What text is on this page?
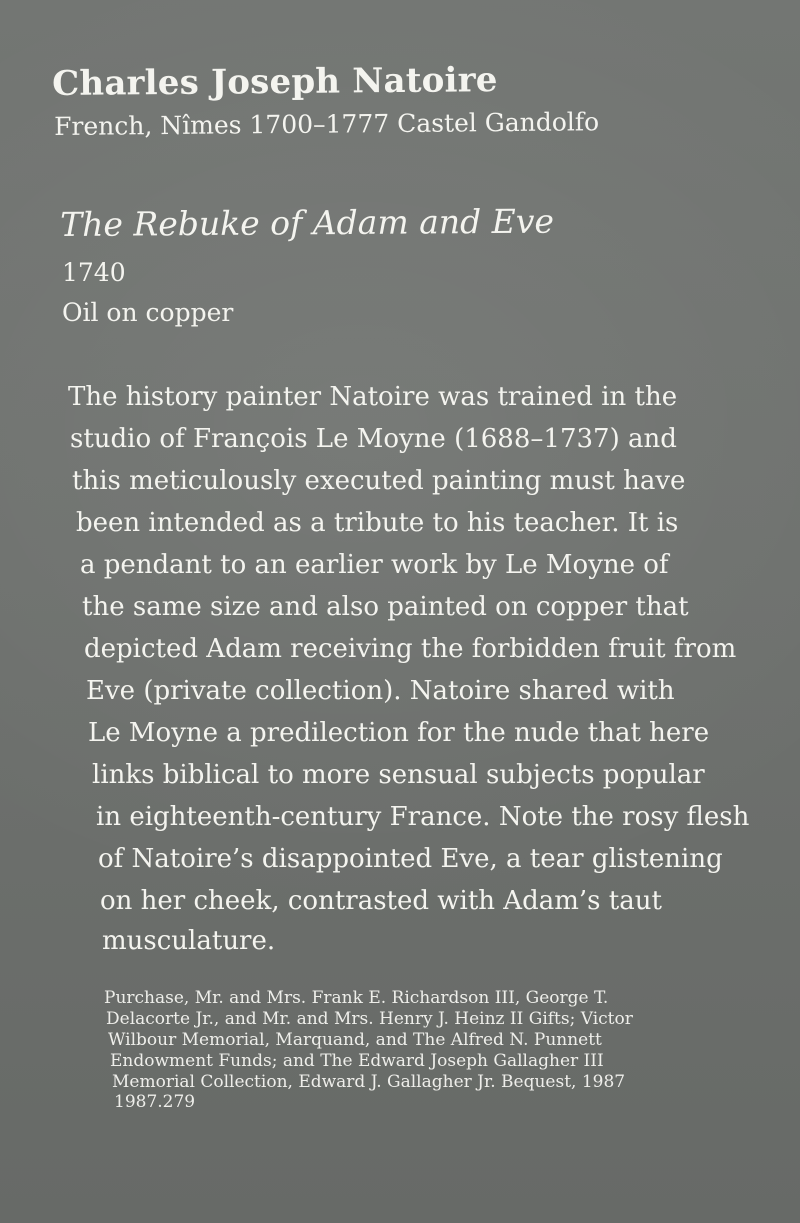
Charles Joseph Natoire
French, Nîmes 1700–1777 Castel Gandolfo
The Rebuke of Adam and Eve
1740
Oil on copper
The history painter Natoire was trained in the
studio of François Le Moyne (1688–1737) and
this meticulously executed painting must have
been intended as a tribute to his teacher. It is
a pendant to an earlier work by Le Moyne of
the same size and also painted on copper that
depicted Adam receiving the forbidden fruit from
Eve (private collection). Natoire shared with
Le Moyne a predilection for the nude that here
links biblical to more sensual subjects popular
in eighteenth-century France. Note the rosy flesh
of Natoire’s disappointed Eve, a tear glistening
on her cheek, contrasted with Adam’s taut
musculature.
Purchase, Mr. and Mrs. Frank E. Richardson III, George T.
Delacorte Jr., and Mr. and Mrs. Henry J. Heinz II Gifts; Victor
Wilbour Memorial, Marquand, and The Alfred N. Punnett
Endowment Funds; and The Edward Joseph Gallagher III
Memorial Collection, Edward J. Gallagher Jr. Bequest, 1987
1987.279
